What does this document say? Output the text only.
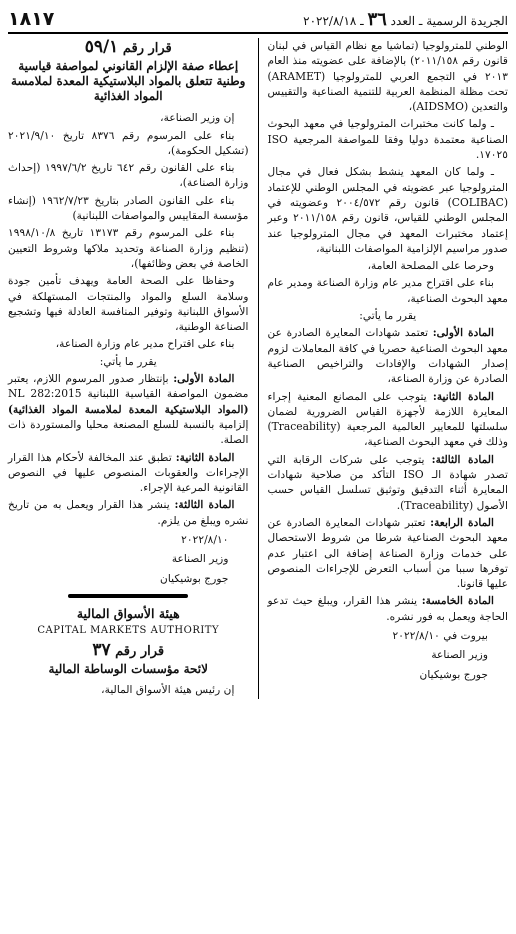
١٨١٧	الجريدة الرسمية ـ العدد ٣٦ ـ ٢٠٢٢/٨/١٨

الوطني للمترولوجيا (تماشيا مع نظام القياس في لبنان قانون رقم ٢٠١١/١٥٨) بالإضافة على عضويته منذ العام ٢٠١٣ في التجمع العربي للمترولوجيا (ARAMET) تحت مظلة المنظمة العربية للتنمية الصناعية والتقييس والتعدين (AIDSMO)،

ـ ولما كانت مختبرات المترولوجيا في معهد البحوث الصناعية معتمدة دوليا وفقا للمواصفة المرجعية ISO ١٧٠٢٥.

ـ ولما كان المعهد ينشط بشكل فعال في مجال المترولوجيا عبر عضويته في المجلس الوطني للإعتماد (COLIBAC) قانون رقم ٢٠٠٤/٥٧٢ وعضويته في المجلس الوطني للقياس، قانون رقم ٢٠١١/١٥٨ وعبر إعتماد مختبرات المعهد في مجال المترولوجيا عند صدور مراسيم الإلزامية المواصفات اللبنانية،

وحرصا على المصلحة العامة،

بناء على اقتراح مدير عام وزارة الصناعة ومدير عام معهد البحوث الصناعية،

يقرر ما يأتي:

المادة الأولى: تعتمد شهادات المعايرة الصادرة عن معهد البحوث الصناعية حصريا في كافة المعاملات لزوم إصدار الشهادات والإفادات والتراخيص الصناعية الصادرة عن وزارة الصناعة،

المادة الثانية: يتوجب على المصانع المعنية إجراء المعايرة اللازمة لأجهزة القياس الضرورية لضمان سلسلتها للمعايير العالمية المرجعية (Traceability) وذلك في معهد البحوث الصناعية،

المادة الثالثة: يتوجب على شركات الرقابة التي تصدر شهادة الـ ISO التأكد من صلاحية شهادات المعايرة أثناء التدقيق وتوثيق تسلسل القياس حسب الأصول (Traceability).

المادة الرابعة: تعتبر شهادات المعايرة الصادرة عن معهد البحوث الصناعية شرطا من شروط الاستحصال على خدمات وزارة الصناعة إضافة الى اعتبار عدم توفرها سببا من أسباب التعرض للإجراءات المنصوص عليها قانونا.

المادة الخامسة: ينشر هذا القرار، ويبلغ حيث تدعو الحاجة ويعمل به فور نشره.

بيروت في ٢٠٢٢/٨/١٠

وزير الصناعة

جورج بوشيكيان

قرار رقم ٥٩/١

إعطاء صفة الإلزام القانوني لمواصفة قياسية وطنية تتعلق بالمواد البلاستيكية المعدة لملامسة المواد الغذائية

إن وزير الصناعة،

بناء على المرسوم رقم ٨٣٧٦ تاريخ ٢٠٢١/٩/١٠ (تشكيل الحكومة)،

بناء على القانون رقم ٦٤٢ تاريخ ١٩٩٧/٦/٢ (إحداث وزارة الصناعة)،

بناء على القانون الصادر بتاريخ ١٩٦٢/٧/٢٣ (إنشاء مؤسسة المقاييس والمواصفات اللبنانية)

بناء على المرسوم رقم ١٣١٧٣ تاريخ ١٩٩٨/١٠/٨ (تنظيم وزارة الصناعة وتحديد ملاكها وشروط التعيين الخاصة في بعض وظائفها)،

وحفاظا على الصحة العامة ويهدف تأمين جودة وسلامة السلع والمواد والمنتجات المستهلكة في الأسواق اللبنانية وتوفير المنافسة العادلة فيها وتشجيع الصناعة الوطنية،

بناء على اقتراح مدير عام وزارة الصناعة،

يقرر ما يأتي:

المادة الأولى: بإنتظار صدور المرسوم اللازم، يعتبر مضمون المواصفة القياسية اللبنانية NL 282:2015 (المواد البلاستيكية المعدة لملامسة المواد الغذائية) إلزامية بالنسبة للسلع المصنعة محليا والمستوردة ذات الصلة.

المادة الثانية: تطبق عند المخالفة لأحكام هذا القرار الإجراءات والعقوبات المنصوص عليها في النصوص القانونية المرعية الإجراء.

المادة الثالثة: ينشر هذا القرار ويعمل به من تاريخ نشره ويبلغ من يلزم.

٢٠٢٢/٨/١٠

وزير الصناعة

جورج بوشيكيان

هيئة الأسواق المالية

CAPITAL MARKETS AUTHORITY

قرار رقم ٣٧

لائحة مؤسسات الوساطة المالية

إن رئيس هيئة الأسواق المالية،
